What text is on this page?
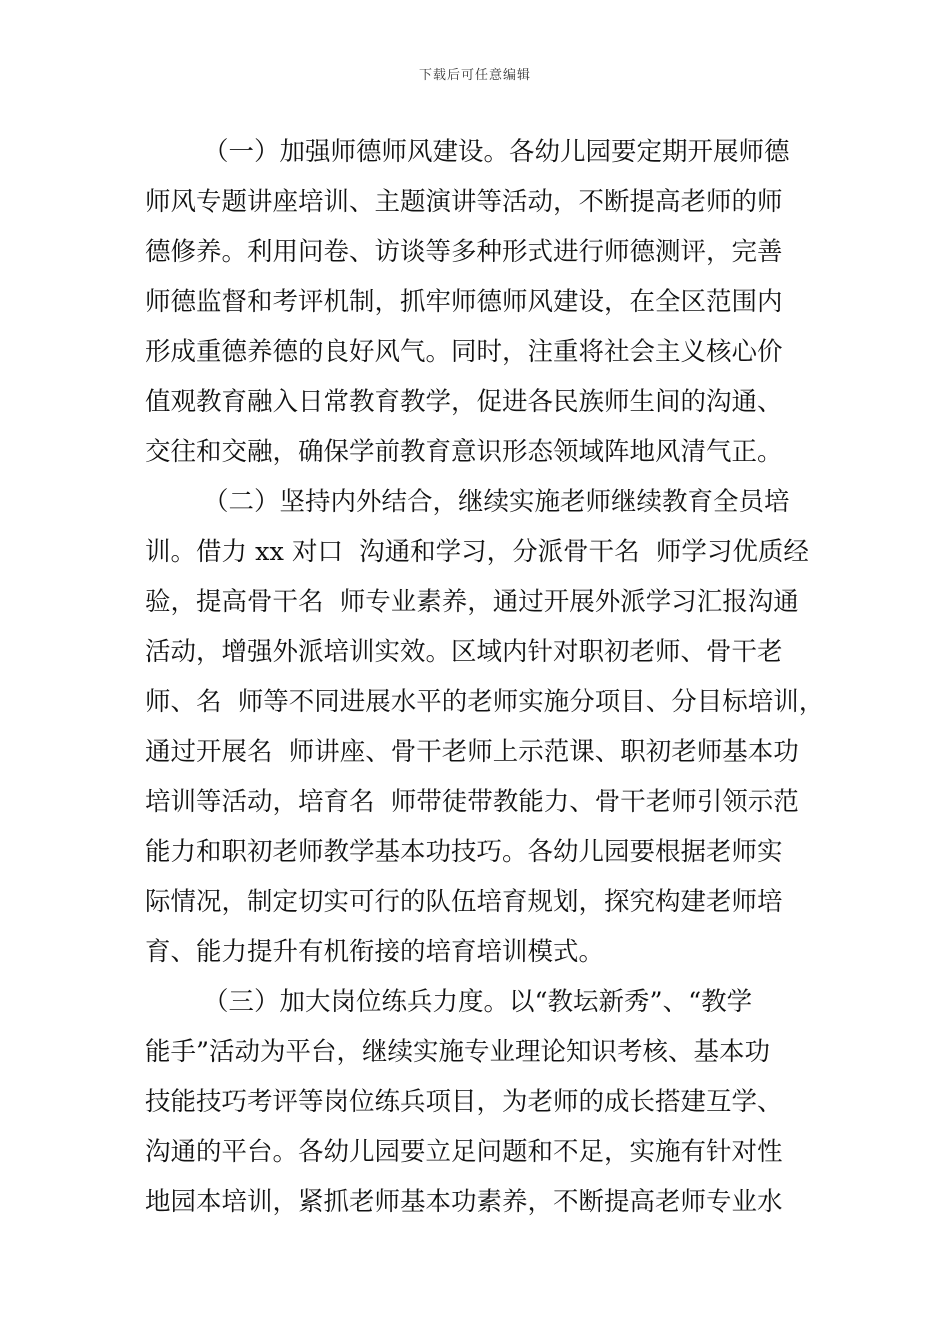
下载后可任意编辑
（一）加强师德师风建设。各幼儿园要定期开展师德
师风专题讲座培训、主题演讲等活动，不断提高老师的师
德修养。利用问卷、访谈等多种形式进行师德测评，完善
师德监督和考评机制，抓牢师德师风建设，在全区范围内
形成重德养德的良好风气。同时，注重将社会主义核心价
值观教育融入日常教育教学，促进各民族师生间的沟通、
交往和交融，确保学前教育意识形态领域阵地风清气正。
（二）坚持内外结合，继续实施老师继续教育全员培
训。借力 xx 对口  沟通和学习，分派骨干名  师学习优质经
验，提高骨干名  师专业素养，通过开展外派学习汇报沟通
活动，增强外派培训实效。区域内针对职初老师、骨干老
师、名  师等不同进展水平的老师实施分项目、分目标培训，
通过开展名  师讲座、骨干老师上示范课、职初老师基本功
培训等活动，培育名  师带徒带教能力、骨干老师引领示范
能力和职初老师教学基本功技巧。各幼儿园要根据老师实
际情况，制定切实可行的队伍培育规划，探究构建老师培
育、能力提升有机衔接的培育培训模式。
（三）加大岗位练兵力度。以“教坛新秀”、“教学
能手”活动为平台，继续实施专业理论知识考核、基本功
技能技巧考评等岗位练兵项目，为老师的成长搭建互学、
沟通的平台。各幼儿园要立足问题和不足，实施有针对性
地园本培训，紧抓老师基本功素养，不断提高老师专业水
